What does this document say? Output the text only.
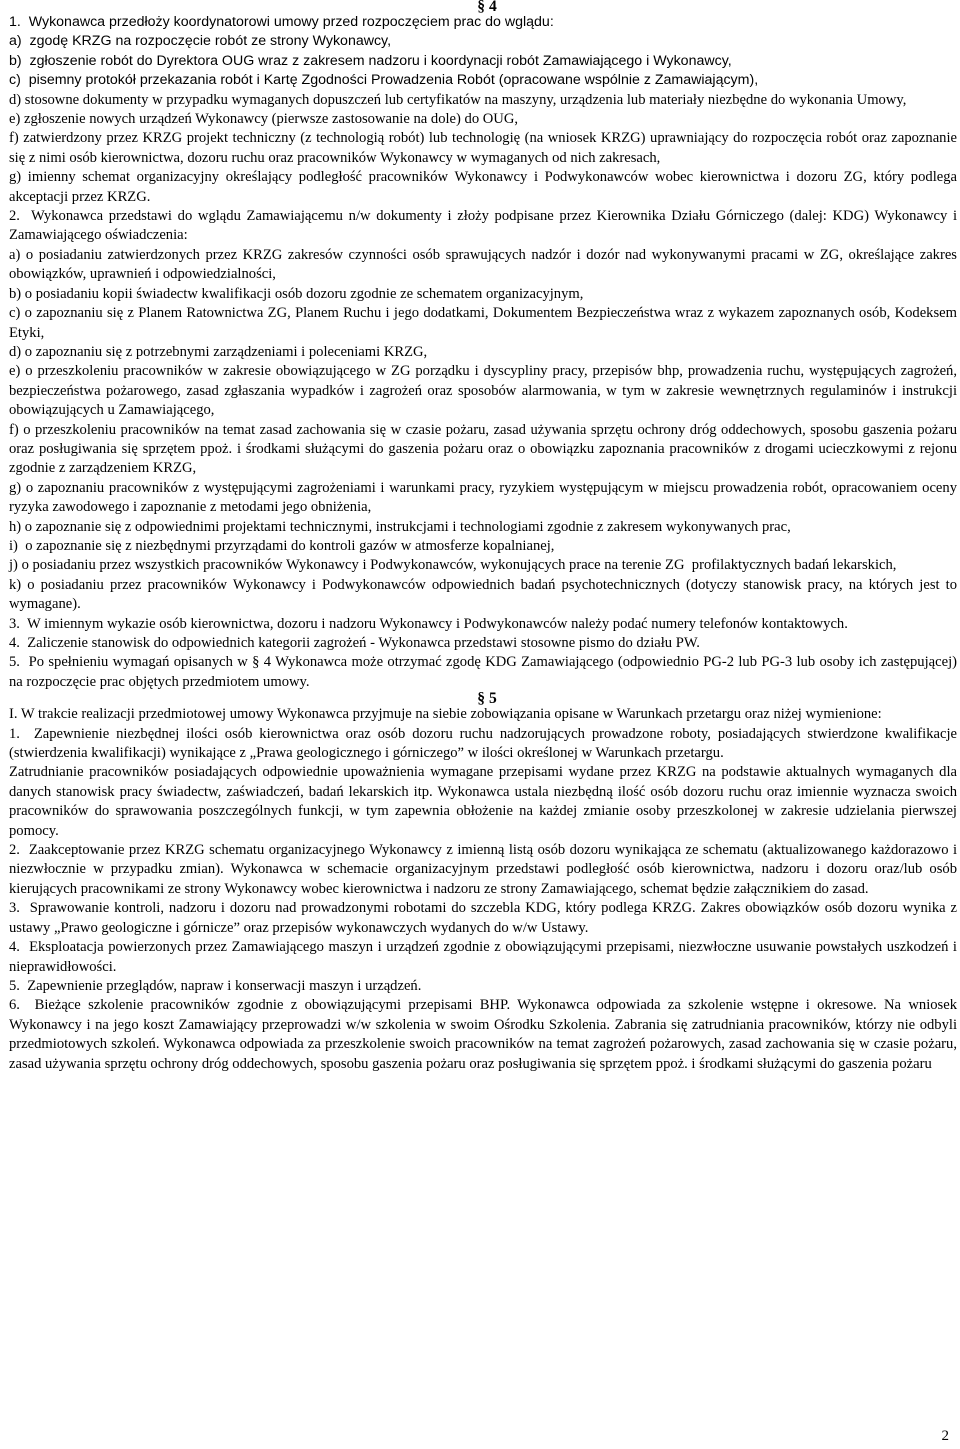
§ 4

1.  Wykonawca przedłoży koordynatorowi umowy przed rozpoczęciem prac do wglądu:

a)  zgodę KRZG na rozpoczęcie robót ze strony Wykonawcy,

b)  zgłoszenie robót do Dyrektora OUG wraz z zakresem nadzoru i koordynacji robót Zamawiającego i Wykonawcy,

c)  pisemny protokół przekazania robót i Kartę Zgodności Prowadzenia Robót (opracowane wspólnie z Zamawiającym),

d) stosowne dokumenty w przypadku wymaganych dopuszczeń lub certyfikatów na maszyny, urządzenia lub materiały niezbędne do wykonania Umowy,

e) zgłoszenie nowych urządzeń Wykonawcy (pierwsze zastosowanie na dole) do OUG,

f) zatwierdzony przez KRZG projekt techniczny (z technologią robót) lub technologię (na wniosek KRZG) uprawniający do rozpoczęcia robót oraz zapoznanie się z nimi osób kierownictwa, dozoru ruchu oraz pracowników Wykonawcy w wymaganych od nich zakresach,

g) imienny schemat organizacyjny określający podległość pracowników Wykonawcy i Podwykonawców wobec kierownictwa i dozoru ZG, który podlega akceptacji przez KRZG.

2.  Wykonawca przedstawi do wglądu Zamawiającemu n/w dokumenty i złoży podpisane przez Kierownika Działu Górniczego (dalej: KDG) Wykonawcy i Zamawiającego oświadczenia:

a) o posiadaniu zatwierdzonych przez KRZG zakresów czynności osób sprawujących nadzór i dozór nad wykonywanymi pracami w ZG, określające zakres obowiązków, uprawnień i odpowiedzialności,

b) o posiadaniu kopii świadectw kwalifikacji osób dozoru zgodnie ze schematem organizacyjnym,

c) o zapoznaniu się z Planem Ratownictwa ZG, Planem Ruchu i jego dodatkami, Dokumentem Bezpieczeństwa wraz z wykazem zapoznanych osób, Kodeksem Etyki,

d) o zapoznaniu się z potrzebnymi zarządzeniami i poleceniami KRZG,

e) o przeszkoleniu pracowników w zakresie obowiązującego w ZG porządku i dyscypliny pracy, przepisów bhp, prowadzenia ruchu, występujących zagrożeń, bezpieczeństwa pożarowego, zasad zgłaszania wypadków i zagrożeń oraz sposobów alarmowania, w tym w zakresie wewnętrznych regulaminów i instrukcji obowiązujących u Zamawiającego,

f) o przeszkoleniu pracowników na temat zasad zachowania się w czasie pożaru, zasad używania sprzętu ochrony dróg oddechowych, sposobu gaszenia pożaru oraz posługiwania się sprzętem ppoż. i środkami służącymi do gaszenia pożaru oraz o obowiązku zapoznania pracowników z drogami ucieczkowymi z rejonu zgodnie z zarządzeniem KRZG,

g) o zapoznaniu pracowników z występującymi zagrożeniami i warunkami pracy, ryzykiem występującym w miejscu prowadzenia robót, opracowaniem oceny ryzyka zawodowego i zapoznanie z metodami jego obniżenia,

h) o zapoznanie się z odpowiednimi projektami technicznymi, instrukcjami i technologiami zgodnie z zakresem wykonywanych prac,

i)  o zapoznanie się z niezbędnymi przyrządami do kontroli gazów w atmosferze kopalnianej,

j) o posiadaniu przez wszystkich pracowników Wykonawcy i Podwykonawców, wykonujących prace na terenie ZG  profilaktycznych badań lekarskich,

k) o posiadaniu przez pracowników Wykonawcy i Podwykonawców odpowiednich badań psychotechnicznych (dotyczy stanowisk pracy, na których jest to wymagane).

3.  W imiennym wykazie osób kierownictwa, dozoru i nadzoru Wykonawcy i Podwykonawców należy podać numery telefonów kontaktowych.

4.  Zaliczenie stanowisk do odpowiednich kategorii zagrożeń - Wykonawca przedstawi stosowne pismo do działu PW.

5.  Po spełnieniu wymagań opisanych w § 4 Wykonawca może otrzymać zgodę KDG Zamawiającego (odpowiednio PG-2 lub PG-3 lub osoby ich zastępującej) na rozpoczęcie prac objętych przedmiotem umowy.

§ 5

I. W trakcie realizacji przedmiotowej umowy Wykonawca przyjmuje na siebie zobowiązania opisane w Warunkach przetargu oraz niżej wymienione:

1.  Zapewnienie niezbędnej ilości osób kierownictwa oraz osób dozoru ruchu nadzorujących prowadzone roboty, posiadających stwierdzone kwalifikacje (stwierdzenia kwalifikacji) wynikające z „Prawa geologicznego i górniczego” w ilości określonej w Warunkach przetargu.

Zatrudnianie pracowników posiadających odpowiednie upoważnienia wymagane przepisami wydane przez KRZG na podstawie aktualnych wymaganych dla danych stanowisk pracy świadectw, zaświadczeń, badań lekarskich itp. Wykonawca ustala niezbędną ilość osób dozoru ruchu oraz imiennie wyznacza swoich pracowników do sprawowania poszczególnych funkcji, w tym zapewnia obłożenie na każdej zmianie osoby przeszkolonej w zakresie udzielania pierwszej pomocy.

2.  Zaakceptowanie przez KRZG schematu organizacyjnego Wykonawcy z imienną listą osób dozoru wynikająca ze schematu (aktualizowanego każdorazowo i niezwłocznie w przypadku zmian). Wykonawca w schemacie organizacyjnym przedstawi podległość osób kierownictwa, nadzoru i dozoru oraz/lub osób kierujących pracownikami ze strony Wykonawcy wobec kierownictwa i nadzoru ze strony Zamawiającego, schemat będzie załącznikiem do zasad.

3.  Sprawowanie kontroli, nadzoru i dozoru nad prowadzonymi robotami do szczebla KDG, który podlega KRZG. Zakres obowiązków osób dozoru wynika z ustawy „Prawo geologiczne i górnicze” oraz przepisów wykonawczych wydanych do w/w Ustawy.

4.  Eksploatacja powierzonych przez Zamawiającego maszyn i urządzeń zgodnie z obowiązującymi przepisami, niezwłoczne usuwanie powstałych uszkodzeń i nieprawidłowości.

5.  Zapewnienie przeglądów, napraw i konserwacji maszyn i urządzeń.

6.  Bieżące szkolenie pracowników zgodnie z obowiązującymi przepisami BHP. Wykonawca odpowiada za szkolenie wstępne i okresowe. Na wniosek Wykonawcy i na jego koszt Zamawiający przeprowadzi w/w szkolenia w swoim Ośrodku Szkolenia. Zabrania się zatrudniania pracowników, którzy nie odbyli przedmiotowych szkoleń. Wykonawca odpowiada za przeszkolenie swoich pracowników na temat zagrożeń pożarowych, zasad zachowania się w czasie pożaru, zasad używania sprzętu ochrony dróg oddechowych, sposobu gaszenia pożaru oraz posługiwania się sprzętem ppoż. i środkami służącymi do gaszenia pożaru

2
